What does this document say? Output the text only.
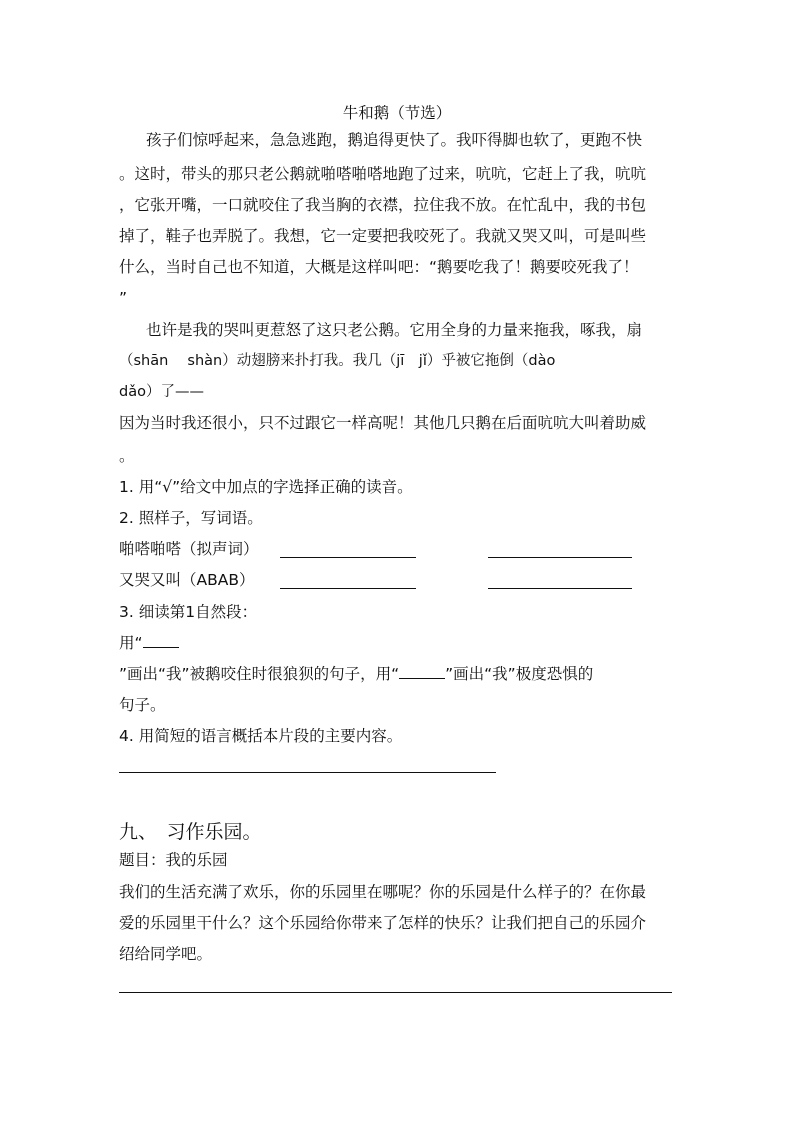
牛和鹅（节选）
孩子们惊呼起来，急急逃跑，鹅追得更快了。我吓得脚也软了，更跑不快
。这时，带头的那只老公鹅就啪嗒啪嗒地跑了过来，吭吭，它赶上了我，吭吭
，它张开嘴，一口就咬住了我当胸的衣襟，拉住我不放。在忙乱中，我的书包
掉了，鞋子也弄脱了。我想，它一定要把我咬死了。我就又哭又叫，可是叫些
什么，当时自己也不知道，大概是这样叫吧：“鹅要吃我了！鹅要咬死我了！
”
也许是我的哭叫更惹怒了这只老公鹅。它用全身的力量来拖我，啄我，扇
（shān　 shàn）动翅膀来扑打我。我几（jī　jǐ）乎被它拖倒（dào
dǎo）了——
因为当时我还很小，只不过跟它一样高呢！其他几只鹅在后面吭吭大叫着助威
。
1. 用“√”给文中加点的字选择正确的读音。
2. 照样子，写词语。
啪嗒啪嗒（拟声词）
又哭又叫（ABAB）
3. 细读第1自然段：
用“
”画出“我”被鹅咬住时很狼狈的句子，用“	”画出“我”极度恐惧的
句子。
4. 用简短的语言概括本片段的主要内容。
九、　习作乐园。
题目：我的乐园
我们的生活充满了欢乐，你的乐园里在哪呢？你的乐园是什么样子的？在你最
爱的乐园里干什么？这个乐园给你带来了怎样的快乐？让我们把自己的乐园介
绍给同学吧。
